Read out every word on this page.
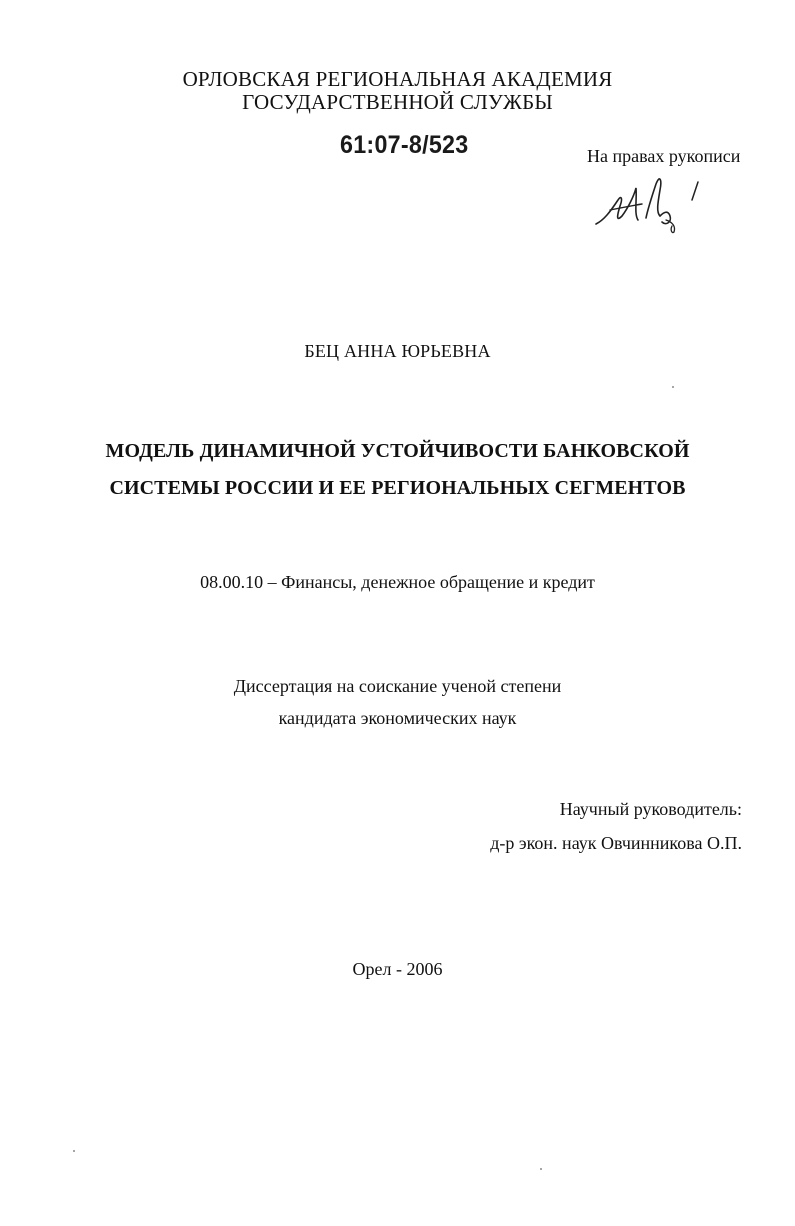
ОРЛОВСКАЯ РЕГИОНАЛЬНАЯ АКАДЕМИЯ
ГОСУДАРСТВЕННОЙ СЛУЖБЫ
61:07-8/523	На правах рукописи
БЕЦ АННА ЮРЬЕВНА
МОДЕЛЬ ДИНАМИЧНОЙ УСТОЙЧИВОСТИ БАНКОВСКОЙ
СИСТЕМЫ РОССИИ И ЕЕ РЕГИОНАЛЬНЫХ СЕГМЕНТОВ
08.00.10 – Финансы, денежное обращение и кредит
Диссертация на соискание ученой степени
кандидата экономических наук
Научный руководитель:
д-р экон. наук Овчинникова О.П.
Орел - 2006
